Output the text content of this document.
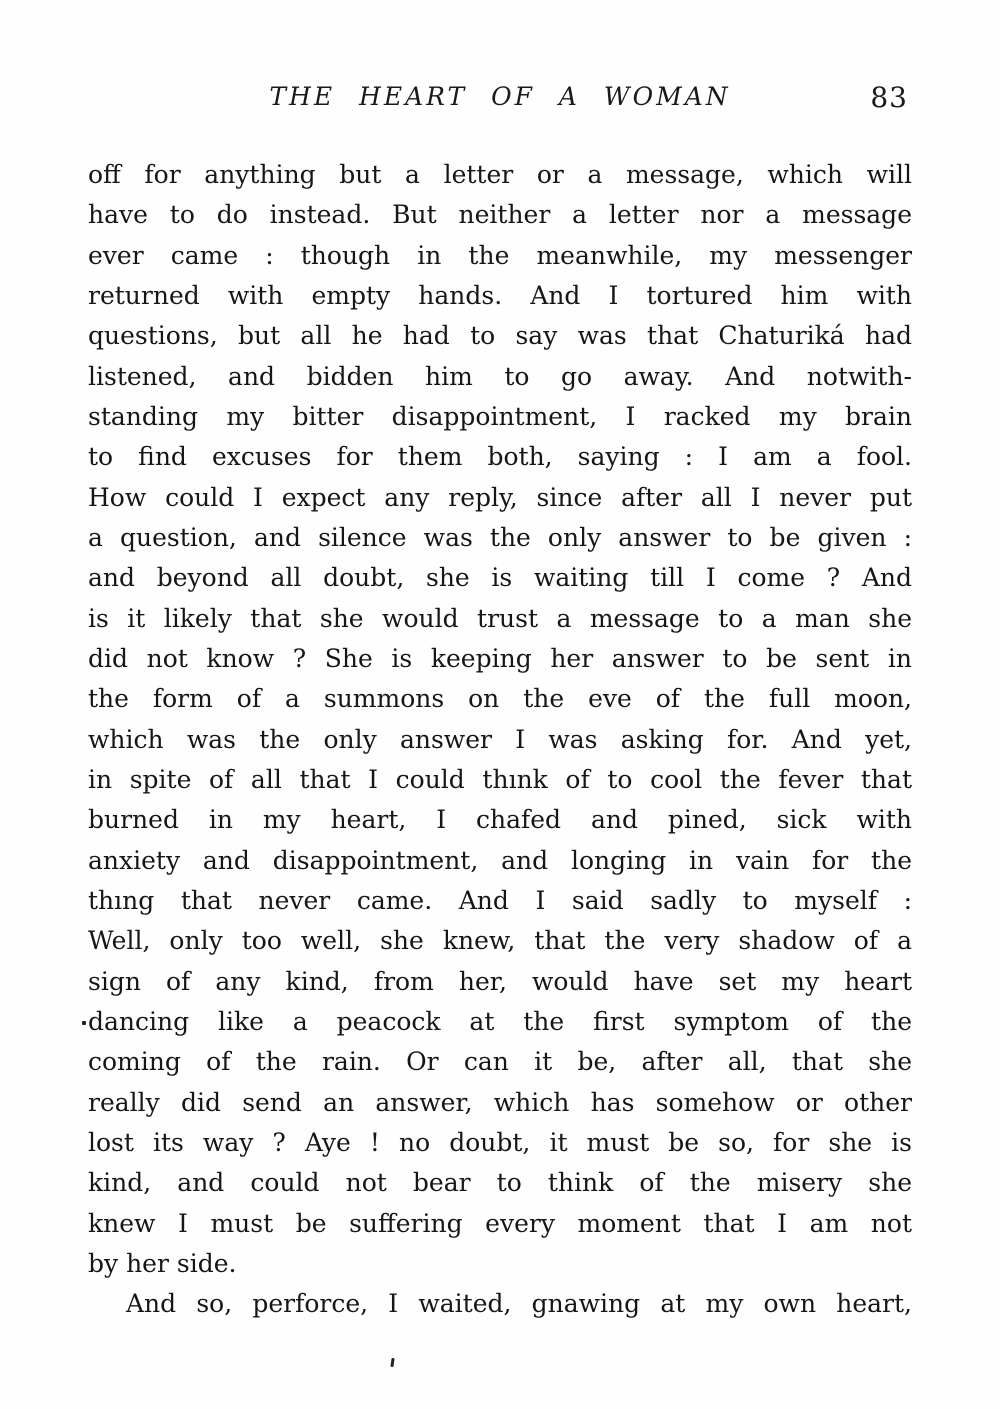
THE HEART OF A WOMAN	83
off for anything but a letter or a message, which will
have to do instead. But neither a letter nor a message
ever came : though in the meanwhile, my messenger
returned with empty hands. And I tortured him with
questions, but all he had to say was that Chaturiká had
listened, and bidden him to go away. And notwith-
standing my bitter disappointment, I racked my brain
to find excuses for them both, saying : I am a fool.
How could I expect any reply, since after all I never put
a question, and silence was the only answer to be given :
and beyond all doubt, she is waiting till I come ? And
is it likely that she would trust a message to a man she
did not know ? She is keeping her answer to be sent in
the form of a summons on the eve of the full moon,
which was the only answer I was asking for. And yet,
in spite of all that I could thınk of to cool the fever that
burned in my heart, I chafed and pined, sick with
anxiety and disappointment, and longing in vain for the
thıng that never came. And I said sadly to myself :
Well, only too well, she knew, that the very shadow of a
sign of any kind, from her, would have set my heart
dancing like a peacock at the first symptom of the
coming of the rain. Or can it be, after all, that she
really did send an answer, which has somehow or other
lost its way ? Aye ! no doubt, it must be so, for she is
kind, and could not bear to think of the misery she
knew I must be suffering every moment that I am not
by her side.
And so, perforce, I waited, gnawing at my own heart,
